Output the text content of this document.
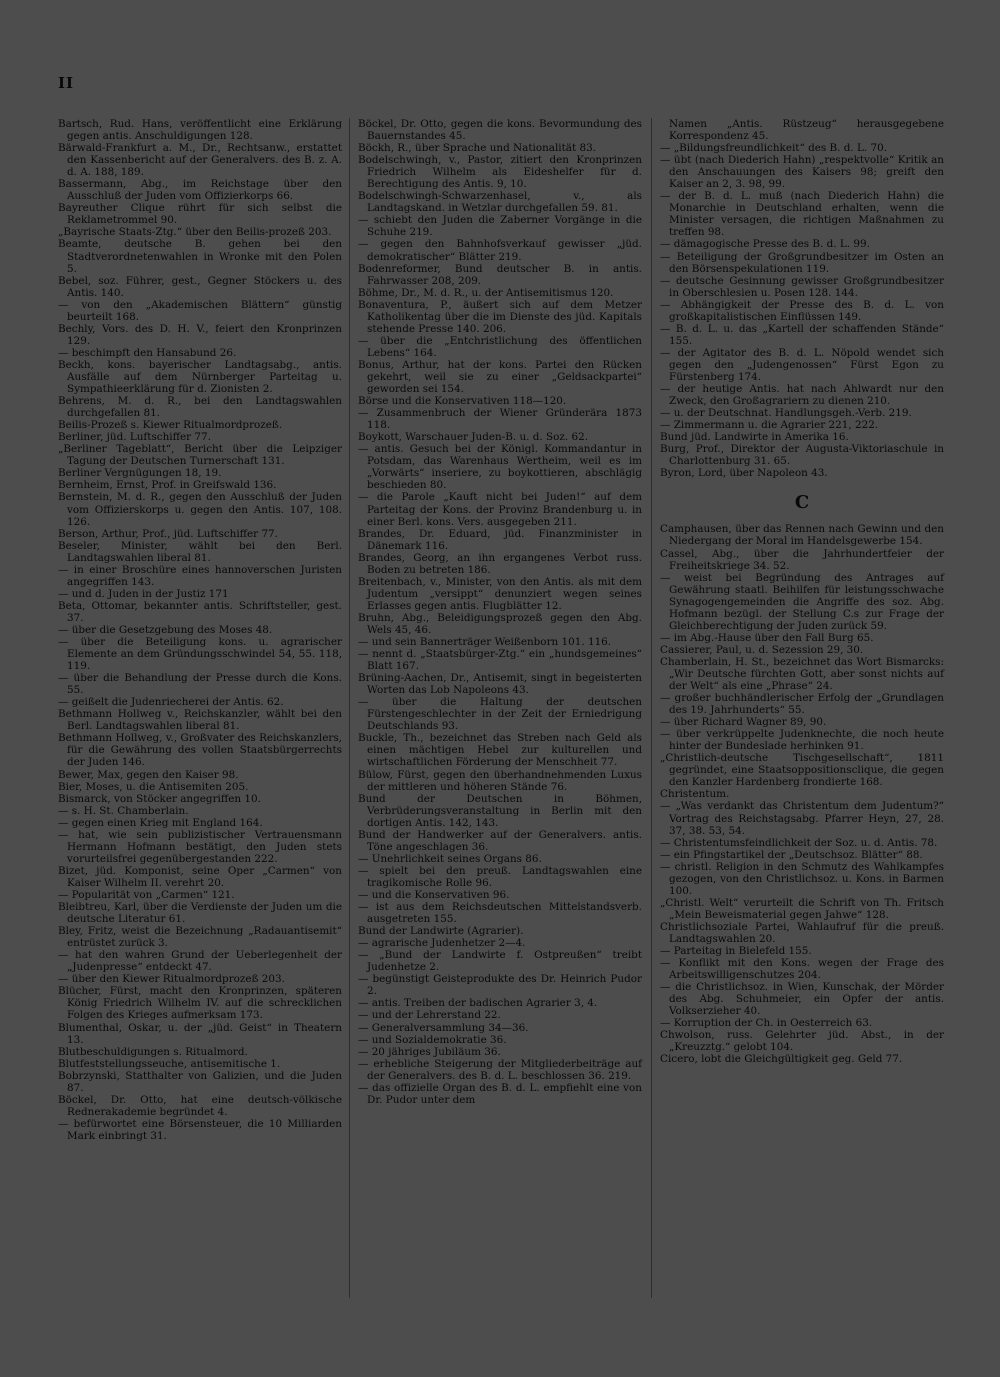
II
Bartsch, Rud. Hans, veröffentlicht eine Erklärung gegen antis. Anschuldigungen 128.
Bärwald-Frankfurt a. M., Dr., Rechtsanw., erstattet den Kassenbericht auf der Generalvers. des B. z. A. d. A. 188, 189.
Bassermann, Abg., im Reichstage über den Ausschluß der Juden vom Offizierkorps 66.
Bayreuther Clique rührt für sich selbst die Reklametrommel 90.
„Bayrische Staats-Ztg.“ über den Beilis-prozeß 203.
Beamte, deutsche B. gehen bei den Stadtverordnetenwahlen in Wronke mit den Polen 5.
Bebel, soz. Führer, gest., Gegner Stöckers u. des Antis. 140.
— von den „Akademischen Blättern“ günstig beurteilt 168.
Bechly, Vors. des D. H. V., feiert den Kronprinzen 129.
— beschimpft den Hansabund 26.
Beckh, kons. bayerischer Landtagsabg., antis. Ausfälle auf dem Nürnberger Parteitag u. Sympathieerklärung für d. Zionisten 2.
Behrens, M. d. R., bei den Landtagswahlen durchgefallen 81.
Beilis-Prozeß s. Kiewer Ritualmordprozeß.
Berliner, jüd. Luftschiffer 77.
„Berliner Tageblatt“, Bericht über die Leipziger Tagung der Deutschen Turnerschaft 131.
Berliner Vergnügungen 18, 19.
Bernheim, Ernst, Prof. in Greifswald 136.
Bernstein, M. d. R., gegen den Ausschluß der Juden vom Offizierskorps u. gegen den Antis. 107, 108. 126.
Berson, Arthur, Prof., jüd. Luftschiffer 77.
Beseler, Minister, wählt bei den Berl. Landtagswahlen liberal 81.
— in einer Broschüre eines hannoverschen Juristen angegriffen 143.
— und d. Juden in der Justiz 171
Beta, Ottomar, bekannter antis. Schriftsteller, gest. 37.
— über die Gesetzgebung des Moses 48.
— über die Beteiligung kons. u. agrarischer Elemente an dem Gründungsschwindel 54, 55. 118, 119.
— über die Behandlung der Presse durch die Kons. 55.
— geißelt die Judenriecherei der Antis. 62.
Bethmann Hollweg v., Reichskanzler, wählt bei den Berl. Landtagswahlen liberal 81.
Bethmann Hollweg, v., Großvater des Reichskanzlers, für die Gewährung des vollen Staatsbürgerrechts der Juden 146.
Bewer, Max, gegen den Kaiser 98.
Bier, Moses, u. die Antisemiten 205.
Bismarck, von Stöcker angegriffen 10.
— s. H. St. Chamberlain.
— gegen einen Krieg mit England 164.
— hat, wie sein publizistischer Vertrauensmann Hermann Hofmann bestätigt, den Juden stets vorurteilsfrei gegenübergestanden 222.
Bizet, jüd. Komponist, seine Oper „Carmen“ von Kaiser Wilhelm II. verehrt 20.
— Popularität von „Carmen“ 121.
Bleibtreu, Karl, über die Verdienste der Juden um die deutsche Literatur 61.
Bley, Fritz, weist die Bezeichnung „Radauantisemit“ entrüstet zurück 3.
— hat den wahren Grund der Ueberlegenheit der „Judenpresse“ entdeckt 47.
— über den Kiewer Ritualmordprozeß 203.
Blücher, Fürst, macht den Kronprinzen, späteren König Friedrich Wilhelm IV. auf die schrecklichen Folgen des Krieges aufmerksam 173.
Blumenthal, Oskar, u. der „jüd. Geist“ in Theatern 13.
Blutbeschuldigungen s. Ritualmord.
Blutfeststellungsseuche, antisemitische 1.
Bobrzynski, Statthalter von Galizien, und die Juden 87.
Böckel, Dr. Otto, hat eine deutsch-völkische Rednerakademie begründet 4.
— befürwortet eine Börsensteuer, die 10 Milliarden Mark einbringt 31.
Böckel, Dr. Otto, gegen die kons. Bevormundung des Bauernstandes 45.
Böckh, R., über Sprache und Nationalität 83.
Bodelschwingh, v., Pastor, zitiert den Kronprinzen Friedrich Wilhelm als Eideshelfer für d. Berechtigung des Antis. 9, 10.
Bodelschwingh-Schwarzenhasel, v., als Landtagskand. in Wetzlar durchgefallen 59. 81.
— schiebt den Juden die Zaberner Vorgänge in die Schuhe 219.
— gegen den Bahnhofsverkauf gewisser „jüd. demokratischer“ Blätter 219.
Bodenreformer, Bund deutscher B. in antis. Fahrwasser 208, 209.
Böhme, Dr., M. d. R., u. der Antisemitismus 120.
Bonaventura, P., äußert sich auf dem Metzer Katholikentag über die im Dienste des jüd. Kapitals stehende Presse 140. 206.
— über die „Entchristlichung des öffentlichen Lebens“ 164.
Bonus, Arthur, hat der kons. Partei den Rücken gekehrt, weil sie zu einer „Geldsackpartei“ geworden sei 154.
Börse und die Konservativen 118—120.
— Zusammenbruch der Wiener Gründerära 1873 118.
Boykott, Warschauer Juden-B. u. d. Soz. 62.
— antis. Gesuch bei der Königl. Kommandantur in Potsdam, das Warenhaus Wertheim, weil es im „Vorwärts“ inseriere, zu boykottieren, abschlägig beschieden 80.
— die Parole „Kauft nicht bei Juden!“ auf dem Parteitag der Kons. der Provinz Brandenburg u. in einer Berl. kons. Vers. ausgegeben 211.
Brandes, Dr. Eduard, jüd. Finanzminister in Dänemark 116.
Brandes, Georg, an ihn ergangenes Verbot russ. Boden zu betreten 186.
Breitenbach, v., Minister, von den Antis. als mit dem Judentum „versippt“ denunziert wegen seines Erlasses gegen antis. Flugblätter 12.
Bruhn, Abg., Beleidigungsprozeß gegen den Abg. Wels 45, 46.
— und sein Bannerträger Weißenborn 101. 116.
— nennt d. „Staatsbürger-Ztg.“ ein „hundsgemeines“ Blatt 167.
Brüning-Aachen, Dr., Antisemit, singt in begeisterten Worten das Lob Napoleons 43.
— über die Haltung der deutschen Fürstengeschlechter in der Zeit der Erniedrigung Deutschlands 93.
Buckle, Th., bezeichnet das Streben nach Geld als einen mächtigen Hebel zur kulturellen und wirtschaftlichen Förderung der Menschheit 77.
Bülow, Fürst, gegen den überhandnehmenden Luxus der mittleren und höheren Stände 76.
Bund der Deutschen in Böhmen, Verbrüderungsveranstaltung in Berlin mit den dortigen Antis. 142, 143.
Bund der Handwerker auf der Generalvers. antis. Töne angeschlagen 36.
— Unehrlichkeit seines Organs 86.
— spielt bei den preuß. Landtagswahlen eine tragikomische Rolle 96.
— und die Konservativen 96.
— ist aus dem Reichsdeutschen Mittelstandsverb. ausgetreten 155.
Bund der Landwirte (Agrarier).
— agrarische Judenhetzer 2—4.
— „Bund der Landwirte f. Ostpreußen“ treibt Judenhetze 2.
— begünstigt Geisteprodukte des Dr. Heinrich Pudor 2.
— antis. Treiben der badischen Agrarier 3, 4.
— und der Lehrerstand 22.
— Generalversammlung 34—36.
— und Sozialdemokratie 36.
— 20 jähriges Jubiläum 36.
— erhebliche Steigerung der Mitgliederbeiträge auf der Generalvers. des B. d. L. beschlossen 36. 219.
— das offizielle Organ des B. d. L. empfiehlt eine von Dr. Pudor unter dem
Namen „Antis. Rüstzeug“ herausgegebene Korrespondenz 45.
— „Bildungsfreundlichkeit“ des B. d. L. 70.
— übt (nach Diederich Hahn) „respektvolle“ Kritik an den Anschauungen des Kaisers 98; greift den Kaiser an 2, 3. 98, 99.
— der B. d. L. muß (nach Diederich Hahn) die Monarchie in Deutschland erhalten, wenn die Minister versagen, die richtigen Maßnahmen zu treffen 98.
— dämagogische Presse des B. d. L. 99.
— Beteiligung der Großgrundbesitzer im Osten an den Börsenspekulationen 119.
— deutsche Gesinnung gewisser Großgrundbesitzer in Oberschlesien u. Posen 128. 144.
— Abhängigkeit der Presse des B. d. L. von großkapitalistischen Einflüssen 149.
— B. d. L. u. das „Kartell der schaffenden Stände“ 155.
— der Agitator des B. d. L. Nöpold wendet sich gegen den „Judengenossen“ Fürst Egon zu Fürstenberg 174.
— der heutige Antis. hat nach Ahlwardt nur den Zweck, den Großagrariern zu dienen 210.
— u. der Deutschnat. Handlungsgeh.-Verb. 219.
— Zimmermann u. die Agrarier 221, 222.
Bund jüd. Landwirte in Amerika 16.
Burg, Prof., Direktor der Augusta-Viktoriaschule in Charlottenburg 31. 65.
Byron, Lord, über Napoleon 43.
C
Camphausen, über das Rennen nach Gewinn und den Niedergang der Moral im Handelsgewerbe 154.
Cassel, Abg., über die Jahrhundertfeier der Freiheitskriege 34. 52.
— weist bei Begründung des Antrages auf Gewährung staatl. Beihilfen für leistungsschwache Synagogengemeinden die Angriffe des soz. Abg. Hofmann bezügl. der Stellung C.s zur Frage der Gleichberechtigung der Juden zurück 59.
— im Abg.-Hause über den Fall Burg 65.
Cassierer, Paul, u. d. Sezession 29, 30.
Chamberlain, H. St., bezeichnet das Wort Bismarcks: „Wir Deutsche fürchten Gott, aber sonst nichts auf der Welt“ als eine „Phrase“ 24.
— großer buchhändlerischer Erfolg der „Grundlagen des 19. Jahrhunderts“ 55.
— über Richard Wagner 89, 90.
— über verkrüppelte Judenknechte, die noch heute hinter der Bundeslade herhinken 91.
„Christlich-deutsche Tischgesellschaft“, 1811 gegründet, eine Staatsoppositionsclique, die gegen den Kanzler Hardenberg frondierte 168.
Christentum.
— „Was verdankt das Christentum dem Judentum?“ Vortrag des Reichstagsabg. Pfarrer Heyn, 27, 28. 37, 38. 53, 54.
— Christentumsfeindlichkeit der Soz. u. d. Antis. 78.
— ein Pfingstartikel der „Deutschsoz. Blätter“ 88.
— christl. Religion in den Schmutz des Wahlkampfes gezogen, von den Christlichsoz. u. Kons. in Barmen 100.
„Christl. Welt“ verurteilt die Schrift von Th. Fritsch „Mein Beweismaterial gegen Jahwe“ 128.
Christlichsoziale Partei, Wahlaufruf für die preuß. Landtagswahlen 20.
— Parteitag in Bielefeld 155.
— Konflikt mit den Kons. wegen der Frage des Arbeitswilligenschutzes 204.
— die Christlichsoz. in Wien, Kunschak, der Mörder des Abg. Schuhmeier, ein Opfer der antis. Volkserzieher 40.
— Korruption der Ch. in Oesterreich 63.
Chwolson, russ. Gelehrter jüd. Abst., in der „Kreuzztg.“ gelobt 104.
Cicero, lobt die Gleichgültigkeit geg. Geld 77.
